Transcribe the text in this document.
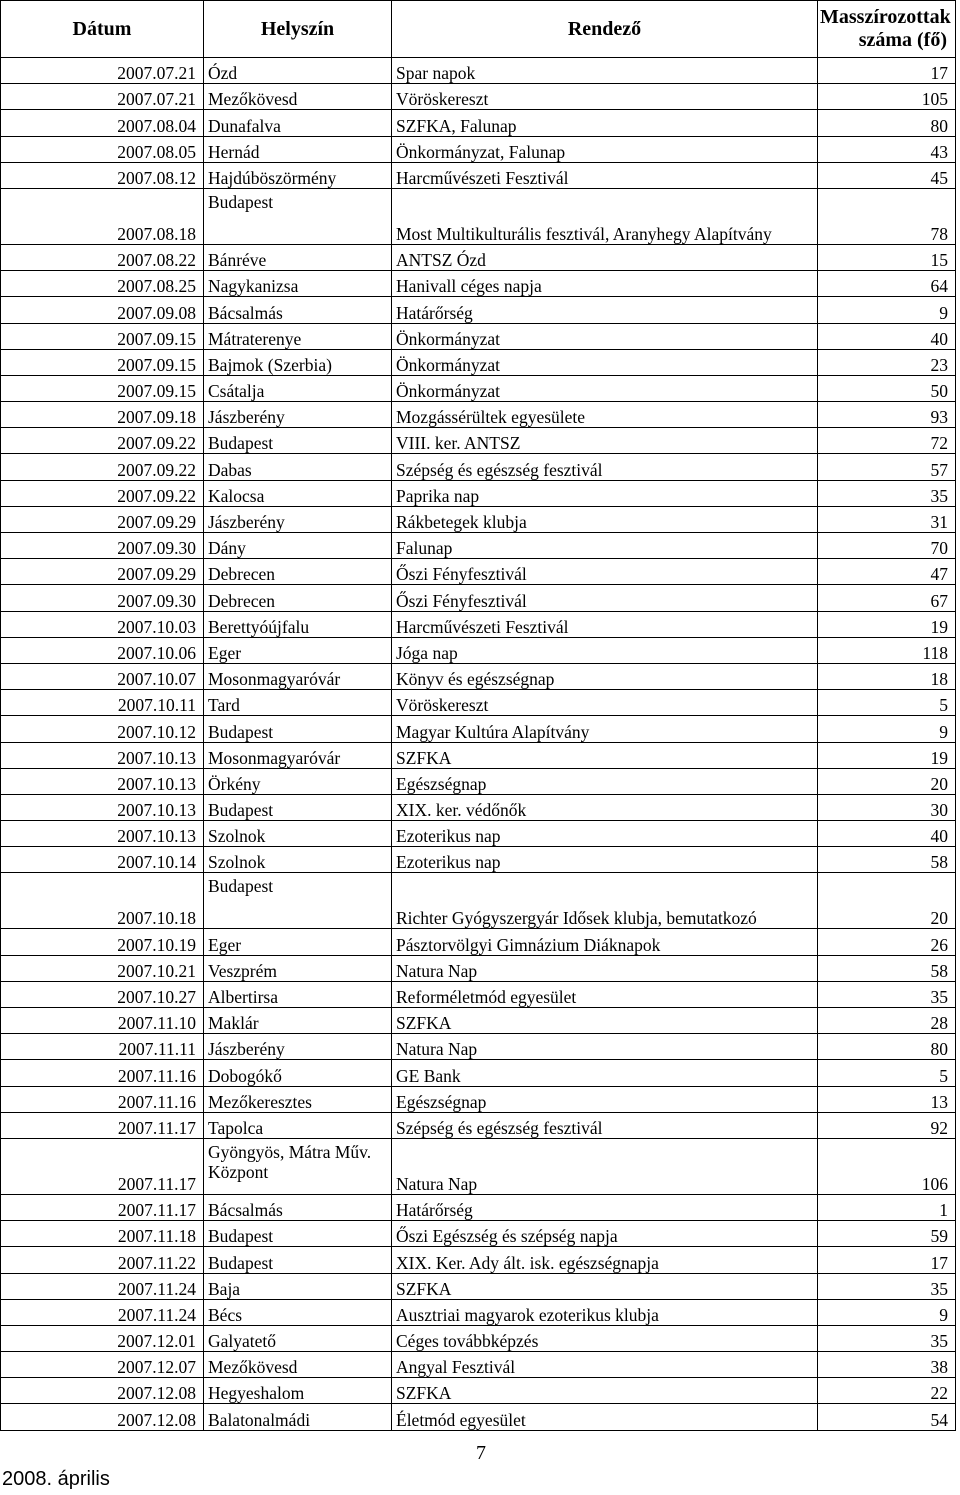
Dátum	Helyszín	Rendező	Masszírozottak száma (fő)
2007.07.21	Ózd	Spar napok	17
2007.07.21	Mezőkövesd	Vöröskereszt	105
2007.08.04	Dunafalva	SZFKA, Falunap	80
2007.08.05	Hernád	Önkormányzat, Falunap	43
2007.08.12	Hajdúböszörmény	Harcművészeti Fesztivál	45
2007.08.18	Budapest	Most Multikulturális fesztivál, Aranyhegy Alapítvány	78
2007.08.22	Bánréve	ANTSZ Ózd	15
2007.08.25	Nagykanizsa	Hanivall céges napja	64
2007.09.08	Bácsalmás	Határőrség	9
2007.09.15	Mátraterenye	Önkormányzat	40
2007.09.15	Bajmok (Szerbia)	Önkormányzat	23
2007.09.15	Csátalja	Önkormányzat	50
2007.09.18	Jászberény	Mozgássérültek egyesülete	93
2007.09.22	Budapest	VIII. ker. ANTSZ	72
2007.09.22	Dabas	Szépség és egészség fesztivál	57
2007.09.22	Kalocsa	Paprika nap	35
2007.09.29	Jászberény	Rákbetegek klubja	31
2007.09.30	Dány	Falunap	70
2007.09.29	Debrecen	Őszi Fényfesztivál	47
2007.09.30	Debrecen	Őszi Fényfesztivál	67
2007.10.03	Berettyóújfalu	Harcművészeti Fesztivál	19
2007.10.06	Eger	Jóga nap	118
2007.10.07	Mosonmagyaróvár	Könyv és egészségnap	18
2007.10.11	Tard	Vöröskereszt	5
2007.10.12	Budapest	Magyar Kultúra Alapítvány	9
2007.10.13	Mosonmagyaróvár	SZFKA	19
2007.10.13	Örkény	Egészségnap	20
2007.10.13	Budapest	XIX. ker. védőnők	30
2007.10.13	Szolnok	Ezoterikus nap	40
2007.10.14	Szolnok	Ezoterikus nap	58
2007.10.18	Budapest	Richter Gyógyszergyár Idősek klubja, bemutatkozó	20
2007.10.19	Eger	Pásztorvölgyi Gimnázium Diáknapok	26
2007.10.21	Veszprém	Natura Nap	58
2007.10.27	Albertirsa	Reforméletmód egyesület	35
2007.11.10	Maklár	SZFKA	28
2007.11.11	Jászberény	Natura Nap	80
2007.11.16	Dobogókő	GE Bank	5
2007.11.16	Mezőkeresztes	Egészségnap	13
2007.11.17	Tapolca	Szépség és egészség fesztivál	92
2007.11.17	Gyöngyös, Mátra Műv. Központ	Natura Nap	106
2007.11.17	Bácsalmás	Határőrség	1
2007.11.18	Budapest	Őszi Egészség és szépség napja	59
2007.11.22	Budapest	XIX. Ker. Ady ált. isk. egészségnapja	17
2007.11.24	Baja	SZFKA	35
2007.11.24	Bécs	Ausztriai magyarok ezoterikus klubja	9
2007.12.01	Galyatető	Céges továbbképzés	35
2007.12.07	Mezőkövesd	Angyal Fesztivál	38
2007.12.08	Hegyeshalom	SZFKA	22
2007.12.08	Balatonalmádi	Életmód egyesület	54
7
2008. április
